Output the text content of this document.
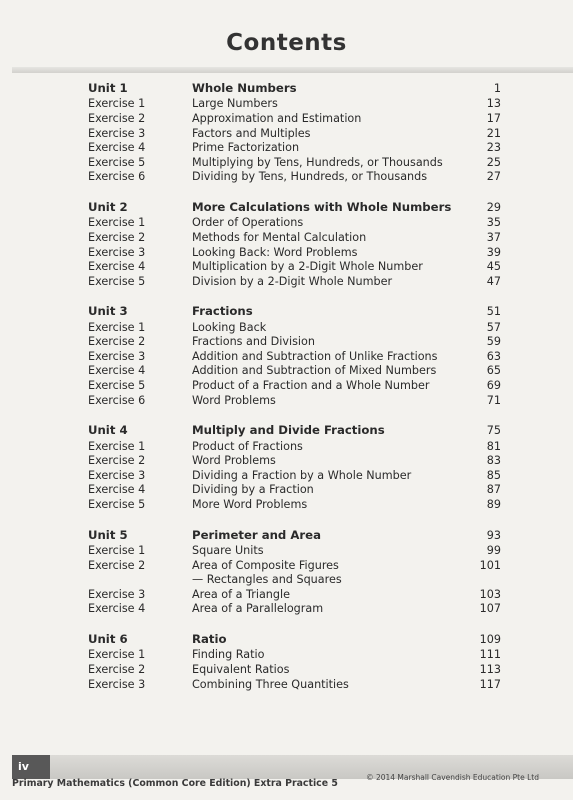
Contents
Unit 1	Whole Numbers	1
Exercise 1	Large Numbers	13
Exercise 2	Approximation and Estimation	17
Exercise 3	Factors and Multiples	21
Exercise 4	Prime Factorization	23
Exercise 5	Multiplying by Tens, Hundreds, or Thousands	25
Exercise 6	Dividing by Tens, Hundreds, or Thousands	27
Unit 2	More Calculations with Whole Numbers	29
Exercise 1	Order of Operations	35
Exercise 2	Methods for Mental Calculation	37
Exercise 3	Looking Back: Word Problems	39
Exercise 4	Multiplication by a 2-Digit Whole Number	45
Exercise 5	Division by a 2-Digit Whole Number	47
Unit 3	Fractions	51
Exercise 1	Looking Back	57
Exercise 2	Fractions and Division	59
Exercise 3	Addition and Subtraction of Unlike Fractions	63
Exercise 4	Addition and Subtraction of Mixed Numbers	65
Exercise 5	Product of a Fraction and a Whole Number	69
Exercise 6	Word Problems	71
Unit 4	Multiply and Divide Fractions	75
Exercise 1	Product of Fractions	81
Exercise 2	Word Problems	83
Exercise 3	Dividing a Fraction by a Whole Number	85
Exercise 4	Dividing by a Fraction	87
Exercise 5	More Word Problems	89
Unit 5	Perimeter and Area	93
Exercise 1	Square Units	99
Exercise 2	Area of Composite Figures	101
— Rectangles and Squares
Exercise 3	Area of a Triangle	103
Exercise 4	Area of a Parallelogram	107
Unit 6	Ratio	109
Exercise 1	Finding Ratio	111
Exercise 2	Equivalent Ratios	113
Exercise 3	Combining Three Quantities	117
iv
Primary Mathematics (Common Core Edition) Extra Practice 5
© 2014 Marshall Cavendish Education Pte Ltd
